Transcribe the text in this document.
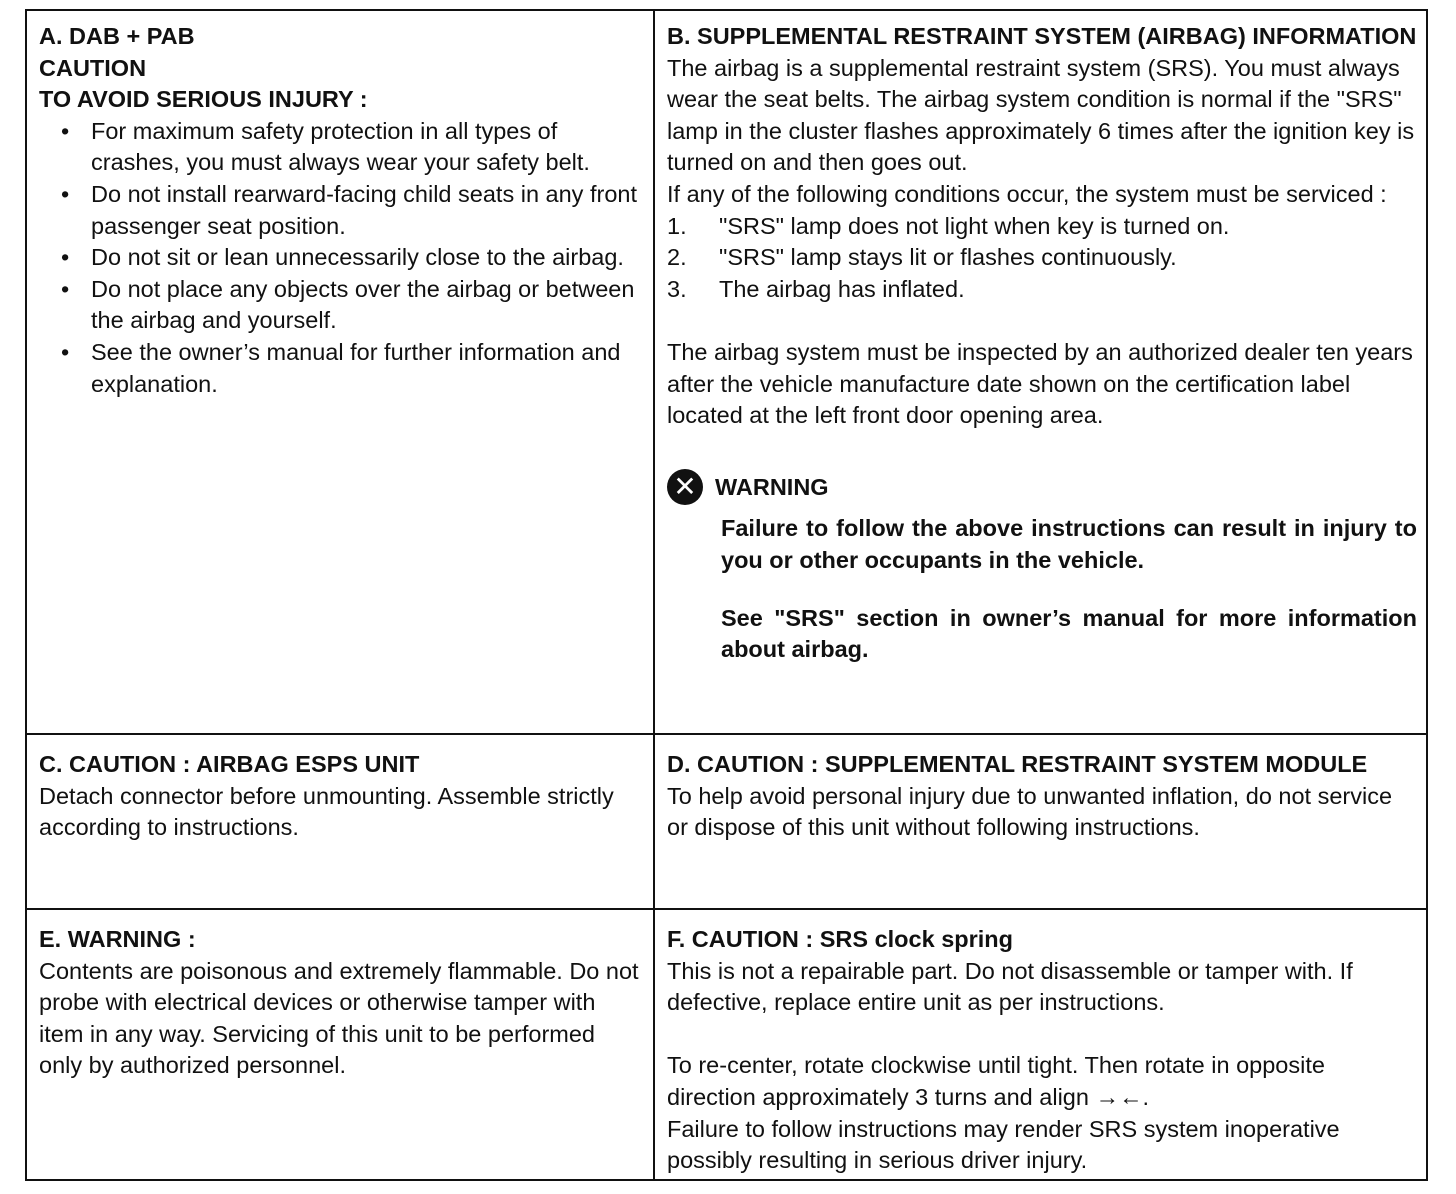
A. DAB + PAB
CAUTION
TO AVOID SERIOUS INJURY :
• For maximum safety protection in all types of crashes, you must always wear your safety belt.
• Do not install rearward-facing child seats in any front passenger seat position.
• Do not sit or lean unnecessarily close to the airbag.
• Do not place any objects over the airbag or between the airbag and yourself.
• See the owner’s manual for further information and explanation.
B. SUPPLEMENTAL RESTRAINT SYSTEM (AIRBAG) INFORMATION
The airbag is a supplemental restraint system (SRS). You must always wear the seat belts. The airbag system condition is normal if the "SRS" lamp in the cluster flashes approximately 6 times after the ignition key is turned on and then goes out.
If any of the following conditions occur, the system must be serviced :
1.	"SRS" lamp does not light when key is turned on.
2.	"SRS" lamp stays lit or flashes continuously.
3.	The airbag has inflated.
The airbag system must be inspected by an authorized dealer ten years after the vehicle manufacture date shown on the certification label located at the left front door opening area.
✕ WARNING
Failure to follow the above instructions can result in injury to you or other occupants in the vehicle.
See "SRS" section in owner’s manual for more information about airbag.
C. CAUTION : AIRBAG ESPS UNIT
Detach connector before unmounting. Assemble strictly according to instructions.
D. CAUTION : SUPPLEMENTAL RESTRAINT SYSTEM MODULE
To help avoid personal injury due to unwanted inflation, do not service or dispose of this unit without following instructions.
E. WARNING :
Contents are poisonous and extremely flammable. Do not probe with electrical devices or otherwise tamper with item in any way. Servicing of this unit to be performed only by authorized personnel.
F. CAUTION : SRS clock spring
This is not a repairable part. Do not disassemble or tamper with. If defective, replace entire unit as per instructions.
To re-center, rotate clockwise until tight. Then rotate in opposite direction approximately 3 turns and align →←.
Failure to follow instructions may render SRS system inoperative possibly resulting in serious driver injury.
